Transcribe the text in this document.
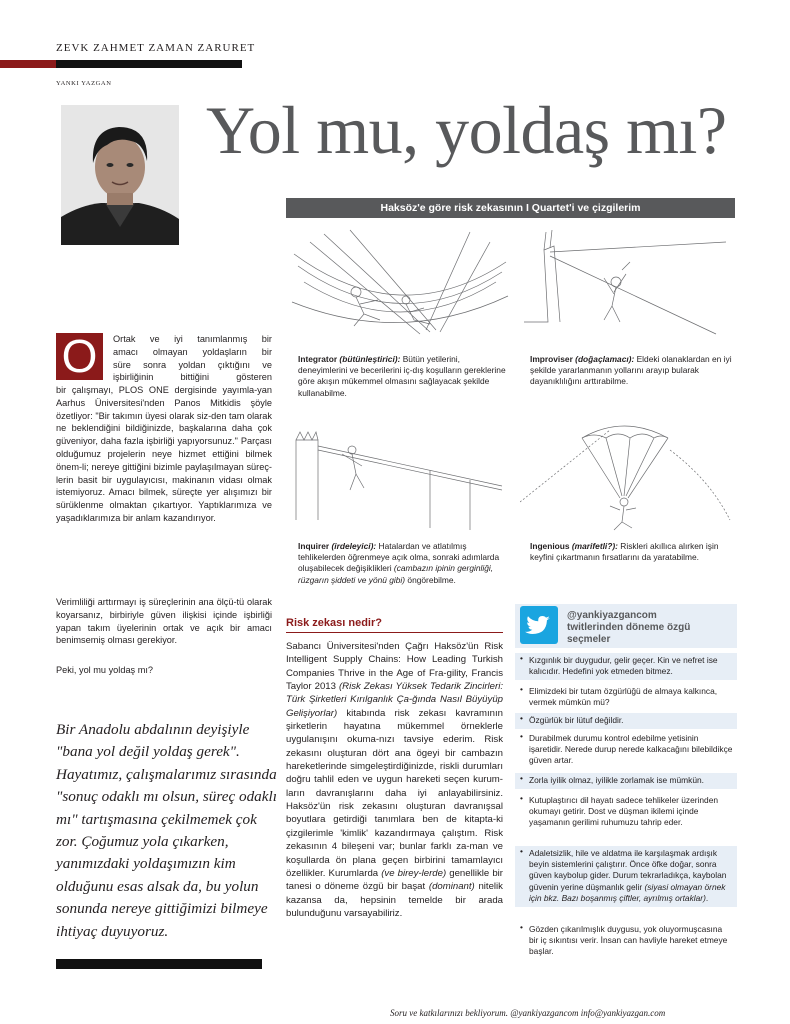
ZEVK ZAHMET ZAMAN ZARURET
YANKI YAZGAN
Yol mu, yoldaş mı?
Haksöz'e göre risk zekasının I Quartet'i ve çizgilerim
Integrator (bütünleştirici): Bütün yetilerini, deneyimlerini ve becerilerini iç-dış koşulların gereklerine göre akışın mükemmel olmasını sağlayacak şekilde kullanabilme.
Improviser (doğaçlamacı): Eldeki olanaklardan en iyi şekilde yararlanmanın yollarını arayıp bularak dayanıklılığını arttırabilme.
Inquirer (irdeleyici): Hatalardan ve atlatılmış tehlikelerden öğrenmeye açık olma, sonraki adımlarda oluşabilecek değişiklikleri (cambazın ipinin gerginliği, rüzgarın şiddeti ve yönü gibi) öngörebilme.
Ingenious (marifetli?): Riskleri akıllıca alırken işin keyfini çıkartmanın fırsatlarını da yaratabilme.
O	Ortak ve iyi tanımlanmış bir
amacı olmayan yoldaşların bir
süre sonra yoldan çıktığını ve
işbirliğinin bittiğini gösteren
bir çalışmayı, PLOS ONE dergisinde yayımla-yan Aarhus Üniversitesi'nden Panos Mitkidis şöyle özetliyor: "Bir takımın üyesi olarak siz-den tam olarak ne beklendiğini bildiğinizde, başkalarına daha çok güveniyor, daha fazla işbirliği yapıyorsunuz." Parçası olduğumuz projelerin neye hizmet ettiğini bilmek önem-li; nereye gittiğini bizimle paylaşılmayan süreç-lerin basit bir uygulayıcısı, makinanın vidası olmak istemiyoruz. Amacı bilmek, süreçte yer alışımızı bir sürüklenme olmaktan çıkartıyor. Yaptıklarımıza ve yaşadıklarımıza bir anlam kazandırıyor.
Verimliliği arttırmayı iş süreçlerinin ana ölçü-tü olarak koyarsanız, birbiriyle güven ilişkisi içinde işbirliği yapan takım üyelerinin ortak ve açık bir amacı benimsemiş olması gerekiyor.
Peki, yol mu yoldaş mı?
Bir Anadolu abdalının deyişiyle "bana yol değil yoldaş gerek". Hayatımız, çalışmalarımız sırasında "sonuç odaklı mı olsun, süreç odaklı mı" tartışmasına çekilmemek çok zor. Çoğumuz yola çıkarken, yanımızdaki yoldaşımızın kim olduğunu esas alsak da, bu yolun sonunda nereye gittiğimizi bilmeye ihtiyaç duyuyoruz.
Risk zekası nedir?
Sabancı Üniversitesi'nden Çağrı Haksöz'ün Risk Intelligent Supply Chains: How Leading Turkish Companies Thrive in the Age of Fra-gility, Francis Taylor 2013 (Risk Zekası Yüksek Tedarik Zincirleri: Türk Şirketleri Kırılganlık Ça-ğında Nasıl Büyüyüp Gelişiyorlar) kitabında risk zekası kavramının şirketlerin hayatına mükemmel örneklerle uygulanışını okuma-nızı tavsiye ederim. Risk zekasını oluşturan dört ana ögeyi bir cambazın hareketlerinde simgeleştirdiğinizde, riskli durumları doğru tahlil eden ve uygun hareketi seçen kurum-ların davranışlarını daha iyi anlayabilirsiniz. Haksöz'ün risk zekasını oluşturan davranışsal boyutlara getirdiği tanımlara ben de kitapta-ki çizgilerimle 'kimlik' kazandırmaya çalıştım. Risk zekasının 4 bileşeni var; bunlar farklı za-man ve koşullarda ön plana geçen birbirini tamamlayıcı özellikler. Kurumlarda (ve birey-lerde) genellikle bir tanesi o döneme özgü bir başat (dominant) nitelik kazansa da, hepsinin temelde bir arada bulunduğunu varsayabiliriz.
@yankiyazgancom
twitlerinden döneme özgü
seçmeler
• Kızgınlık bir duygudur, gelir geçer. Kin ve nefret ise kalıcıdır. Hedefini yok etmeden bitmez.
• Elimizdeki bir tutam özgürlüğü de almaya kalkınca, vermek mümkün mü?
• Özgürlük bir lütuf değildir.
• Durabilmek durumu kontrol edebilme yetisinin işaretidir. Nerede durup nerede kalkacağını bilebildikçe güven artar.
• Zorla iyilik olmaz, iyilikle zorlamak ise mümkün.
• Kutuplaştırıcı dil hayatı sadece tehlikeler üzerinden okumayı getirir. Dost ve düşman ikilemi içinde yaşamanın gerilimi ruhumuzu tahrip eder.
• Adaletsizlik, hile ve aldatma ile karşılaşmak ardışık beyin sistemlerini çalıştırır. Önce öfke doğar, sonra güven kaybolup gider. Durum tekrarladıkça, kaybolan güvenin yerine düşmanlık gelir (siyasi olmayan örnek için bkz. Bazı boşanmış çiftler, ayrılmış ortaklar).
• Gözden çıkarılmışlık duygusu, yok oluyormuşcasına bir iç sıkıntısı verir. İnsan can havliyle hareket etmeye başlar.
Soru ve katkılarınızı bekliyorum. @yankiyazgancom info@yankiyazgan.com
